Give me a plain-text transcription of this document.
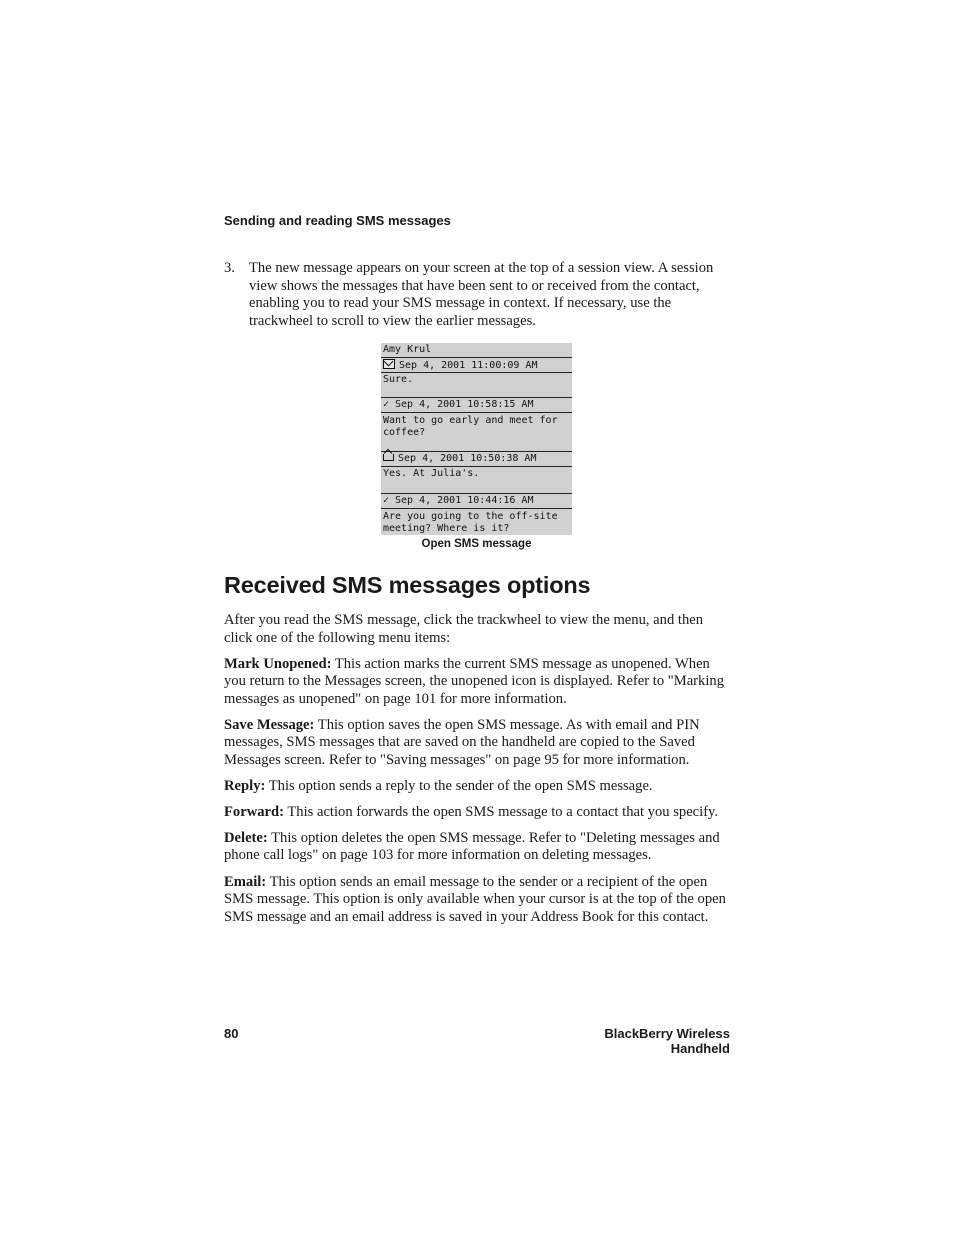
Sending and reading SMS messages
3. The new message appears on your screen at the top of a session view. A session view shows the messages that have been sent to or received from the contact, enabling you to read your SMS message in context. If necessary, use the trackwheel to scroll to view the earlier messages.
Amy Krul
Sep 4, 2001 11:00:09 AM
Sure.
✓ Sep 4, 2001 10:58:15 AM
Want to go early and meet for
coffee?
Sep 4, 2001 10:50:38 AM
Yes. At Julia's.
✓ Sep 4, 2001 10:44:16 AM
Are you going to the off-site
meeting? Where is it?
Open SMS message
Received SMS messages options

After you read the SMS message, click the trackwheel to view the menu, and then click one of the following menu items:

Mark Unopened: This action marks the current SMS message as unopened. When you return to the Messages screen, the unopened icon is displayed. Refer to "Marking messages as unopened" on page 101 for more information.

Save Message: This option saves the open SMS message. As with email and PIN messages, SMS messages that are saved on the handheld are copied to the Saved Messages screen. Refer to "Saving messages" on page 95 for more information.

Reply: This option sends a reply to the sender of the open SMS message.

Forward: This action forwards the open SMS message to a contact that you specify.

Delete: This option deletes the open SMS message. Refer to "Deleting messages and phone call logs" on page 103 for more information on deleting messages.

Email: This option sends an email message to the sender or a recipient of the open SMS message. This option is only available when your cursor is at the top of the open SMS message and an email address is saved in your Address Book for this contact.

80	BlackBerry Wireless Handheld
